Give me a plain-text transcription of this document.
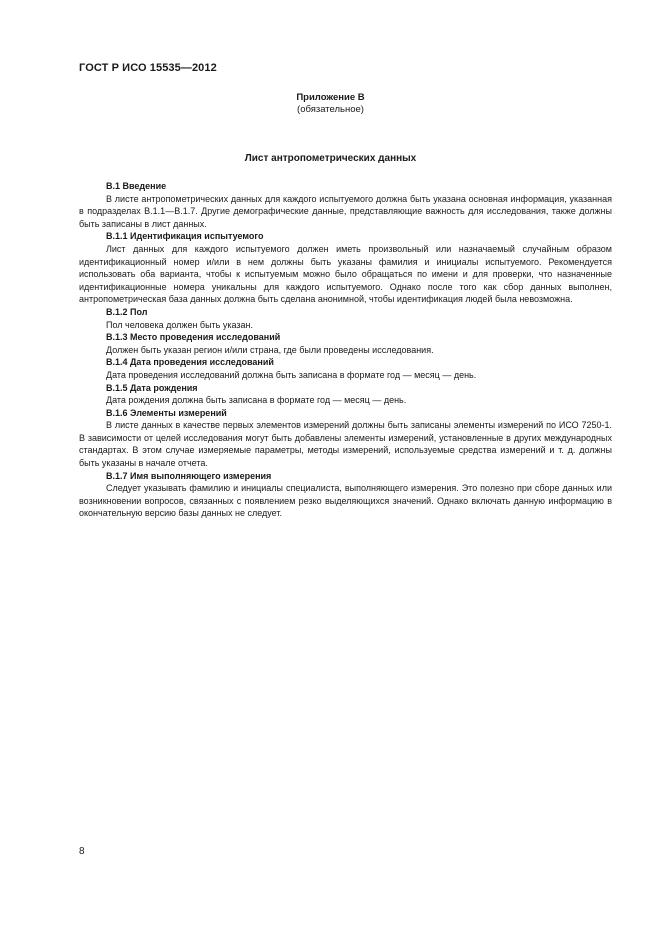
ГОСТ Р ИСО 15535—2012
Приложение В
(обязательное)
Лист антропометрических данных

В.1 Введение

В листе антропометрических данных для каждого испытуемого должна быть указана основная информация, указанная в подразделах В.1.1—В.1.7. Другие демографические данные, представляющие важность для исследования, также должны быть записаны в лист данных.

В.1.1 Идентификация испытуемого

Лист данных для каждого испытуемого должен иметь произвольный или назначаемый случайным образом идентификационный номер и/или в нем должны быть указаны фамилия и инициалы испытуемого. Рекомендуется использовать оба варианта, чтобы к испытуемым можно было обращаться по имени и для проверки, что назначенные идентификационные номера уникальны для каждого испытуемого. Однако после того как сбор данных выполнен, антропометрическая база данных должна быть сделана анонимной, чтобы идентификация людей была невозможна.

В.1.2 Пол

Пол человека должен быть указан.

В.1.3 Место проведения исследований

Должен быть указан регион и/или страна, где были проведены исследования.

В.1.4 Дата проведения исследований

Дата проведения исследований должна быть записана в формате год — месяц — день.

В.1.5 Дата рождения

Дата рождения должна быть записана в формате год — месяц — день.

В.1.6 Элементы измерений

В листе данных в качестве первых элементов измерений должны быть записаны элементы измерений по ИСО 7250-1. В зависимости от целей исследования могут быть добавлены элементы измерений, установленные в других международных стандартах. В этом случае измеряемые параметры, методы измерений, используемые средства измерений и т. д. должны быть указаны в начале отчета.

В.1.7 Имя выполняющего измерения

Следует указывать фамилию и инициалы специалиста, выполняющего измерения. Это полезно при сборе данных или возникновении вопросов, связанных с появлением резко выделяющихся значений. Однако включать данную информацию в окончательную версию базы данных не следует.

8
